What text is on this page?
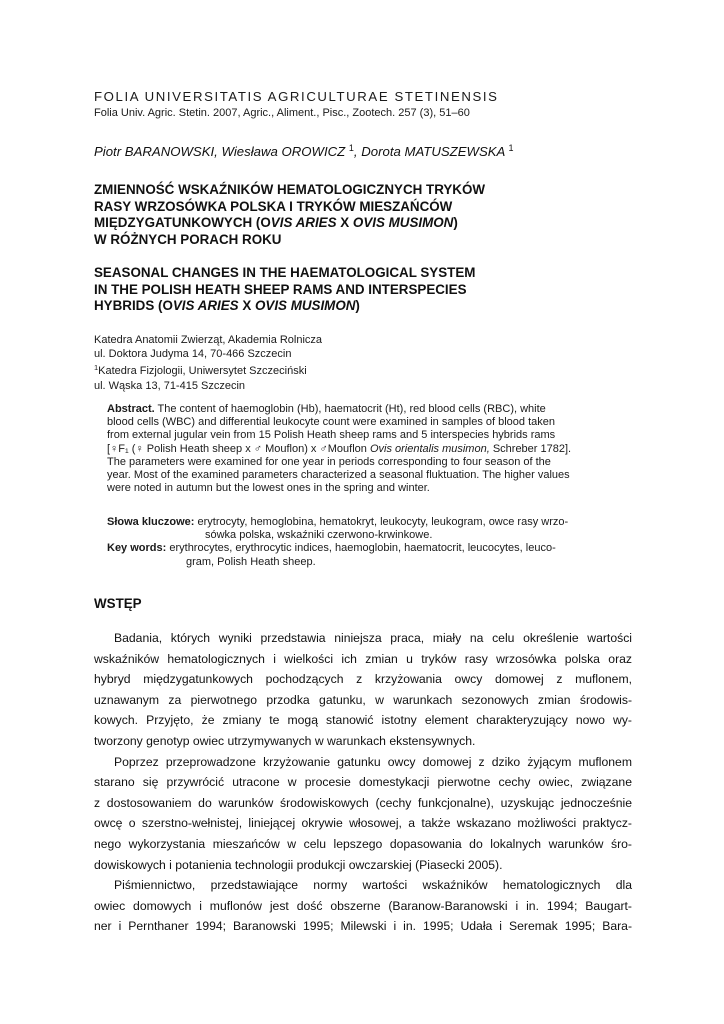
FOLIA UNIVERSITATIS AGRICULTURAE STETINENSIS
Folia Univ. Agric. Stetin. 2007, Agric., Aliment., Pisc., Zootech. 257 (3), 51–60
Piotr BARANOWSKI, Wiesława OROWICZ $^1$, Dorota MATUSZEWSKA $^1$
ZMIENNOŚĆ WSKAŹNIKÓW HEMATOLOGICZNYCH TRYKÓW
RASY WRZOSÓWKA POLSKA I TRYKÓW MIESZAŃCÓW
MIĘDZYGATUNKOWYCH (OVIS ARIES X OVIS MUSIMON)
W RÓŻNYCH PORACH ROKU
SEASONAL CHANGES IN THE HAEMATOLOGICAL SYSTEM
IN THE POLISH HEATH SHEEP RAMS AND INTERSPECIES
HYBRIDS (OVIS ARIES X OVIS MUSIMON)
Katedra Anatomii Zwierząt, Akademia Rolnicza
ul. Doktora Judyma 14, 70-466 Szczecin
$^1$Katedra Fizjologii, Uniwersytet Szczeciński
ul. Wąska 13, 71-415 Szczecin
Abstract. The content of haemoglobin (Hb), haematocrit (Ht), red blood cells (RBC), white
blood cells (WBC) and differential leukocyte count were examined in samples of blood taken
from external jugular vein from 15 Polish Heath sheep rams and 5 interspecies hybrids rams
[♀F₁ (♀ Polish Heath sheep x ♂ Mouflon) x ♂Mouflon Ovis orientalis musimon, Schreber 1782].
The parameters were examined for one year in periods corresponding to four season of the
year. Most of the examined parameters characterized a seasonal fluktuation. The higher values
were noted in autumn but the lowest ones in the spring and winter.
Słowa kluczowe: erytrocyty, hemoglobina, hematokryt, leukocyty, leukogram, owce rasy wrzo-
sówka polska, wskaźniki czerwono-krwinkowe.
Key words: erythrocytes, erythrocytic indices, haemoglobin, haematocrit, leucocytes, leuco-
gram, Polish Heath sheep.
WSTĘP
Badania, których wyniki przedstawia niniejsza praca, miały na celu określenie wartości
wskaźników hematologicznych i wielkości ich zmian u tryków rasy wrzosówka polska oraz
hybryd międzygatunkowych pochodzących z krzyżowania owcy domowej z muflonem,
uznawanym za pierwotnego przodka gatunku, w warunkach sezonowych zmian środowis-
kowych. Przyjęto, że zmiany te mogą stanowić istotny element charakteryzujący nowo wy-
tworzony genotyp owiec utrzymywanych w warunkach ekstensywnych.
Poprzez przeprowadzone krzyżowanie gatunku owcy domowej z dziko żyjącym muflonem
starano się przywrócić utracone w procesie domestykacji pierwotne cechy owiec, związane
z dostosowaniem do warunków środowiskowych (cechy funkcjonalne), uzyskując jednocześnie
owcę o szerstno-wełnistej, liniejącej okrywie włosowej, a także wskazano możliwości praktycz-
nego wykorzystania mieszańców w celu lepszego dopasowania do lokalnych warunków śro-
dowiskowych i potanienia technologii produkcji owczarskiej (Piasecki 2005).
Piśmiennictwo, przedstawiające normy wartości wskaźników hematologicznych dla
owiec domowych i muflonów jest dość obszerne (Baranow-Baranowski i in. 1994; Baugart-
ner i Pernthaner 1994; Baranowski 1995; Milewski i in. 1995; Udała i Seremak 1995; Bara-
